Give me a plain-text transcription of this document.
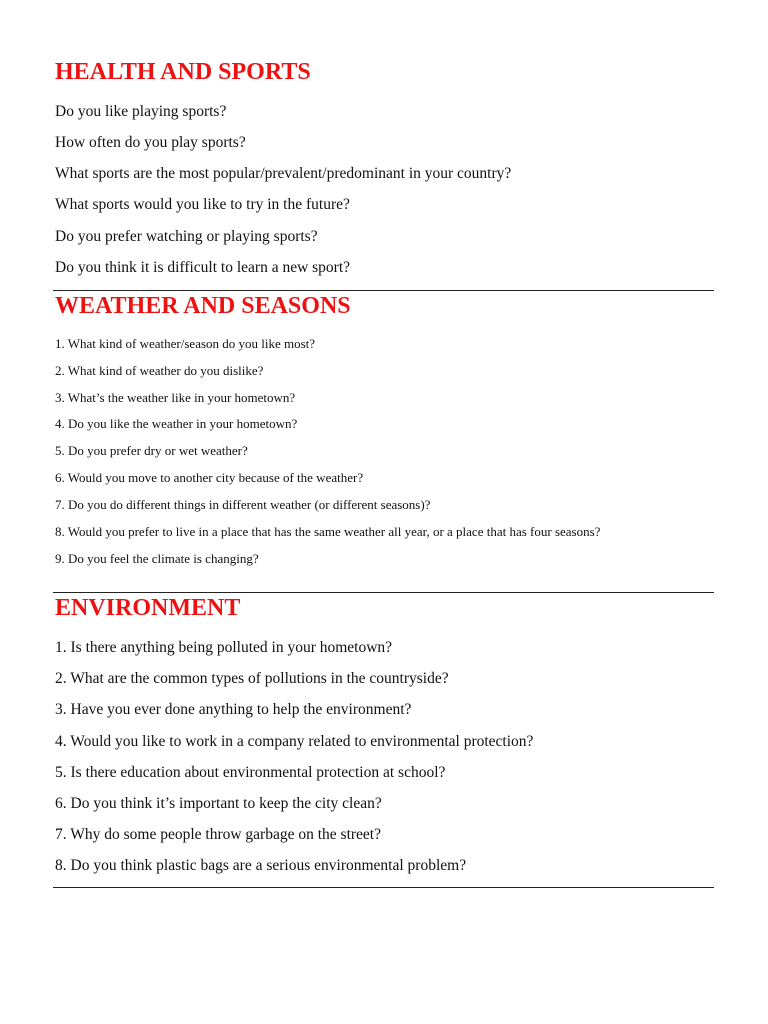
HEALTH AND SPORTS

Do you like playing sports?

How often do you play sports?

What sports are the most popular/prevalent/predominant in your country?

What sports would you like to try in the future?

Do you prefer watching or playing sports?

Do you think it is difficult to learn a new sport?

WEATHER AND SEASONS

1. What kind of weather/season do you like most?

2. What kind of weather do you dislike?

3. What’s the weather like in your hometown?

4. Do you like the weather in your hometown?

5. Do you prefer dry or wet weather?

6. Would you move to another city because of the weather?

7. Do you do different things in different weather (or different seasons)?

8. Would you prefer to live in a place that has the same weather all year, or a place that has four seasons?

9. Do you feel the climate is changing?

ENVIRONMENT

1. Is there anything being polluted in your hometown?

2. What are the common types of pollutions in the countryside?

3. Have you ever done anything to help the environment?

4. Would you like to work in a company related to environmental protection?

5. Is there education about environmental protection at school?

6. Do you think it’s important to keep the city clean?

7. Why do some people throw garbage on the street?

8. Do you think plastic bags are a serious environmental problem?
